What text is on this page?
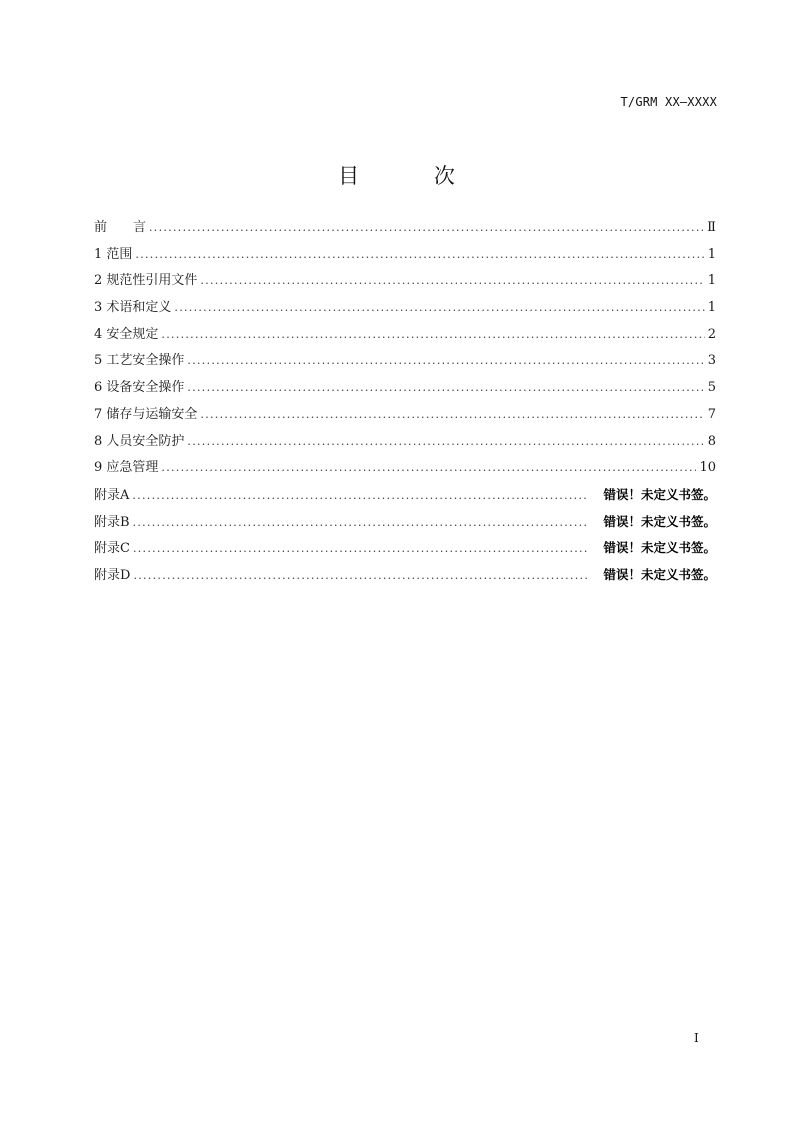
T/GRM XX—XXXX
目 次
前　　言 .....	Ⅱ
1 范围 .....	1
2 规范性引用文件 .....	1
3 术语和定义 .....	1
4 安全规定 .....	2
5 工艺安全操作 .....	3
6 设备安全操作 .....	5
7 储存与运输安全 .....	7
8 人员安全防护 .....	8
9 应急管理 .....	10
附录A .....	错误！未定义书签。
附录B .....	错误！未定义书签。
附录C .....	错误！未定义书签。
附录D .....	错误！未定义书签。
I
